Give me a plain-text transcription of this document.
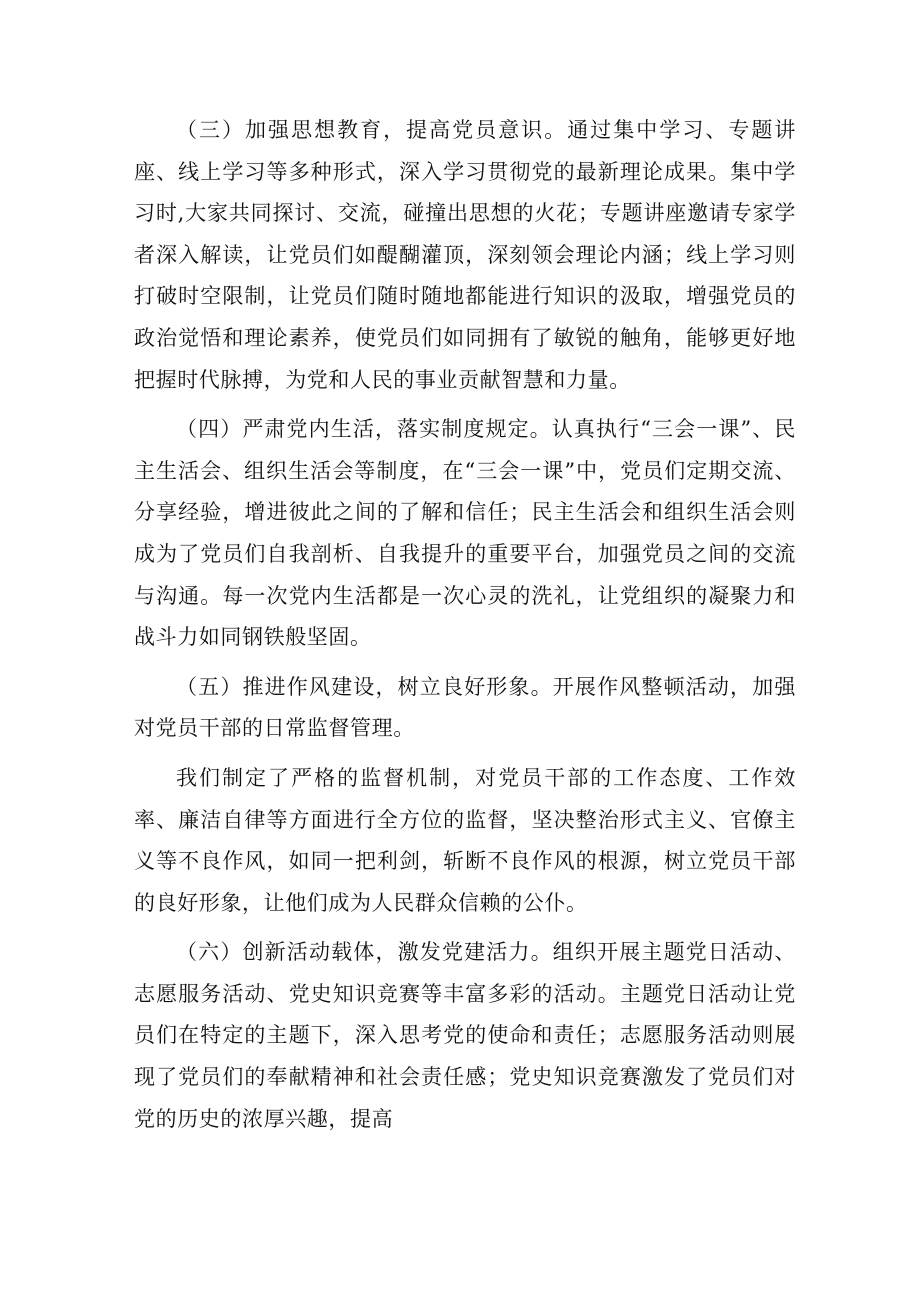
（三）加强思想教育，提高党员意识。通过集中学习、专题讲座、线上学习等多种形式，深入学习贯彻党的最新理论成果。集中学习时,大家共同探讨、交流，碰撞出思想的火花；专题讲座邀请专家学者深入解读，让党员们如醍醐灌顶，深刻领会理论内涵；线上学习则打破时空限制，让党员们随时随地都能进行知识的汲取，增强党员的政治觉悟和理论素养，使党员们如同拥有了敏锐的触角，能够更好地把握时代脉搏，为党和人民的事业贡献智慧和力量。

（四）严肃党内生活，落实制度规定。认真执行“三会一课”、民主生活会、组织生活会等制度，在“三会一课”中，党员们定期交流、分享经验，增进彼此之间的了解和信任；民主生活会和组织生活会则成为了党员们自我剖析、自我提升的重要平台，加强党员之间的交流与沟通。每一次党内生活都是一次心灵的洗礼，让党组织的凝聚力和战斗力如同钢铁般坚固。

（五）推进作风建设，树立良好形象。开展作风整顿活动，加强对党员干部的日常监督管理。

我们制定了严格的监督机制，对党员干部的工作态度、工作效率、廉洁自律等方面进行全方位的监督，坚决整治形式主义、官僚主义等不良作风，如同一把利剑，斩断不良作风的根源，树立党员干部的良好形象，让他们成为人民群众信赖的公仆。

（六）创新活动载体，激发党建活力。组织开展主题党日活动、志愿服务活动、党史知识竞赛等丰富多彩的活动。主题党日活动让党员们在特定的主题下，深入思考党的使命和责任；志愿服务活动则展现了党员们的奉献精神和社会责任感；党史知识竞赛激发了党员们对党的历史的浓厚兴趣，提高
